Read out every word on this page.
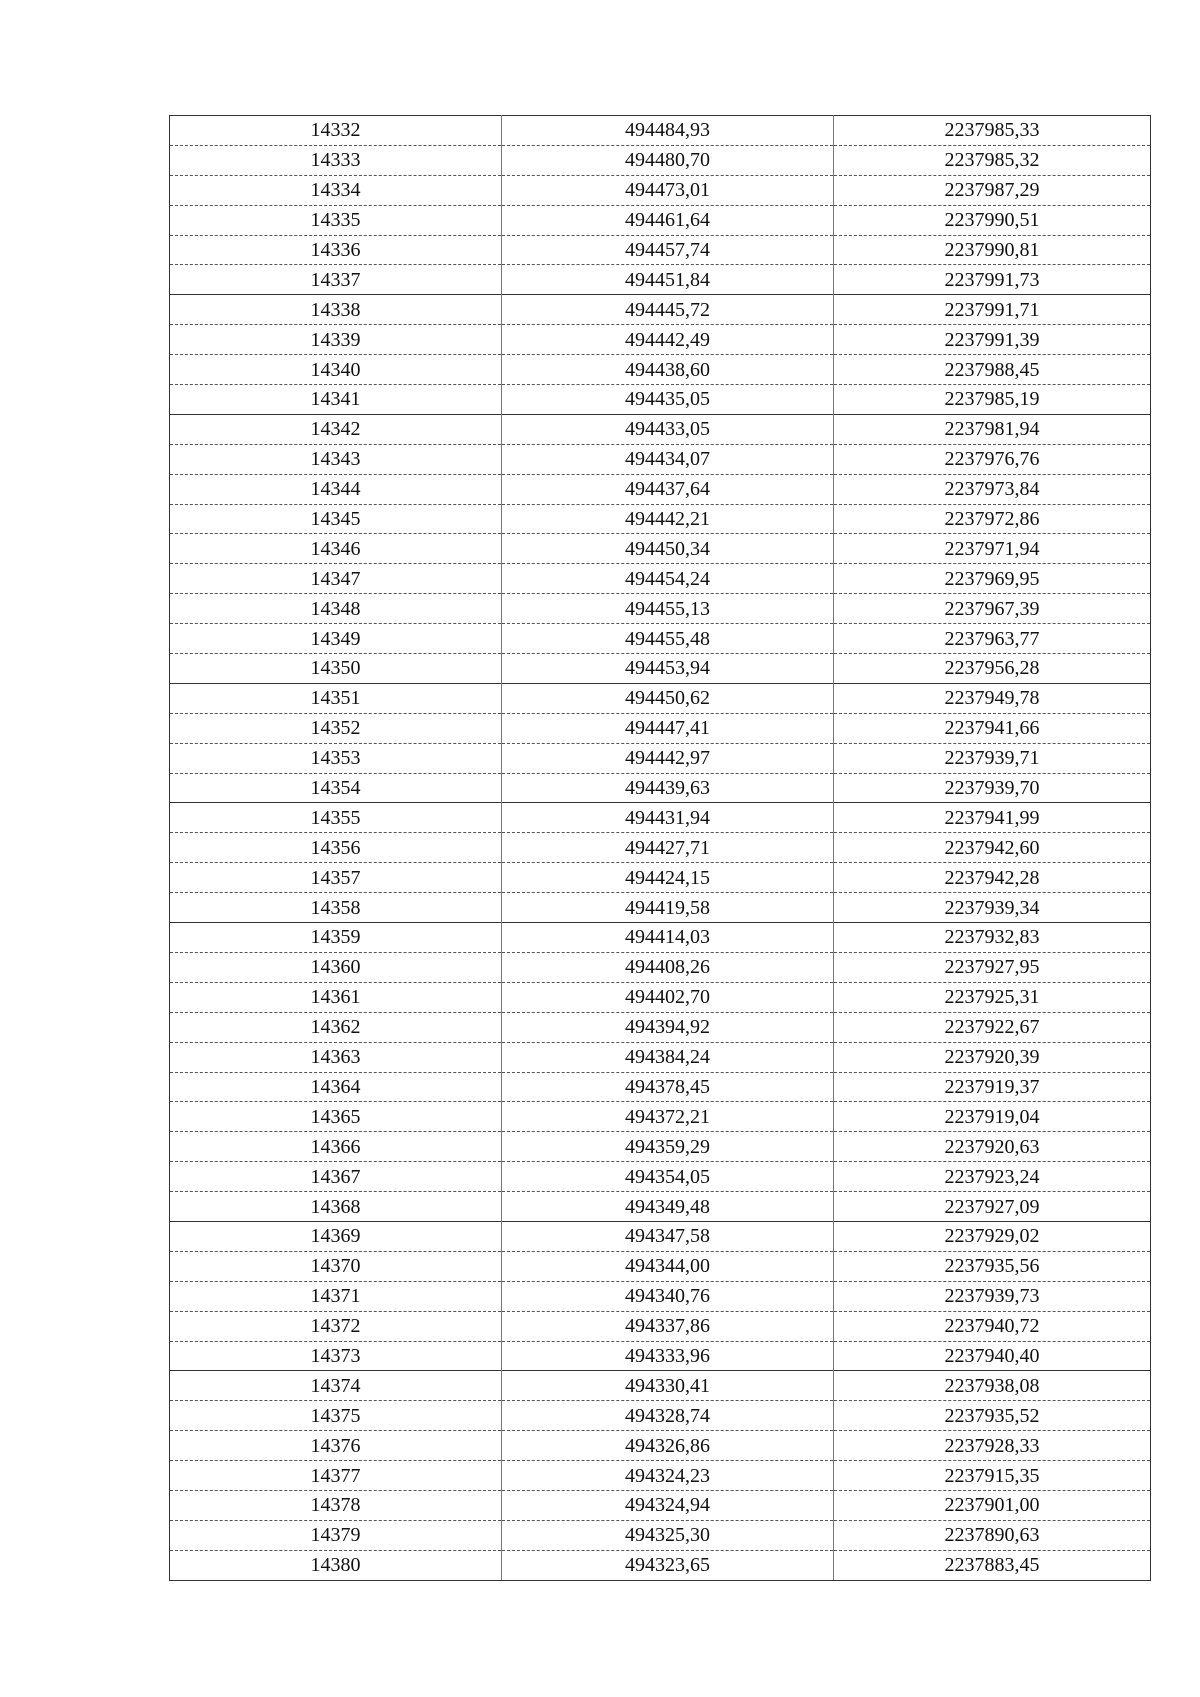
14332	494484,93	2237985,33
14333	494480,70	2237985,32
14334	494473,01	2237987,29
14335	494461,64	2237990,51
14336	494457,74	2237990,81
14337	494451,84	2237991,73
14338	494445,72	2237991,71
14339	494442,49	2237991,39
14340	494438,60	2237988,45
14341	494435,05	2237985,19
14342	494433,05	2237981,94
14343	494434,07	2237976,76
14344	494437,64	2237973,84
14345	494442,21	2237972,86
14346	494450,34	2237971,94
14347	494454,24	2237969,95
14348	494455,13	2237967,39
14349	494455,48	2237963,77
14350	494453,94	2237956,28
14351	494450,62	2237949,78
14352	494447,41	2237941,66
14353	494442,97	2237939,71
14354	494439,63	2237939,70
14355	494431,94	2237941,99
14356	494427,71	2237942,60
14357	494424,15	2237942,28
14358	494419,58	2237939,34
14359	494414,03	2237932,83
14360	494408,26	2237927,95
14361	494402,70	2237925,31
14362	494394,92	2237922,67
14363	494384,24	2237920,39
14364	494378,45	2237919,37
14365	494372,21	2237919,04
14366	494359,29	2237920,63
14367	494354,05	2237923,24
14368	494349,48	2237927,09
14369	494347,58	2237929,02
14370	494344,00	2237935,56
14371	494340,76	2237939,73
14372	494337,86	2237940,72
14373	494333,96	2237940,40
14374	494330,41	2237938,08
14375	494328,74	2237935,52
14376	494326,86	2237928,33
14377	494324,23	2237915,35
14378	494324,94	2237901,00
14379	494325,30	2237890,63
14380	494323,65	2237883,45
